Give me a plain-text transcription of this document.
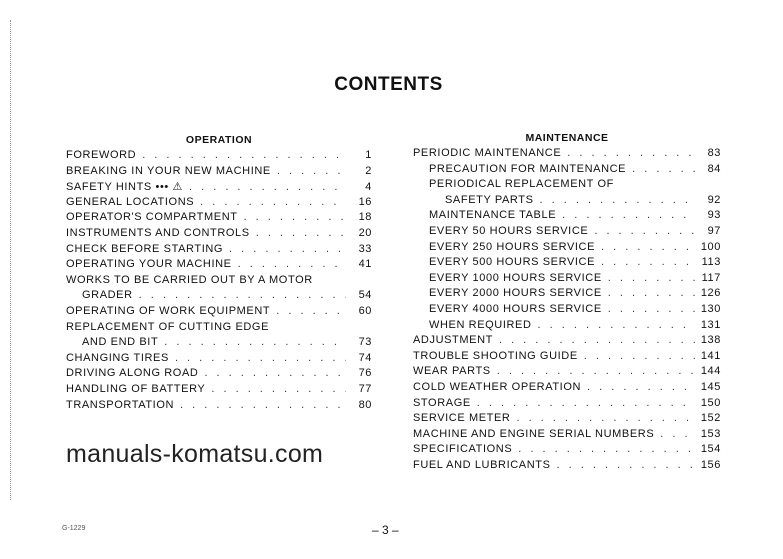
CONTENTS
OPERATION
FOREWORD . . .	1
BREAKING IN YOUR NEW MACHINE . . .	2
SAFETY HINTS ••• ⚠ . . .	4
GENERAL LOCATIONS . . .	16
OPERATOR'S COMPARTMENT . . .	18
INSTRUMENTS AND CONTROLS . . .	20
CHECK BEFORE STARTING . . .	33
OPERATING YOUR MACHINE . . .	41
WORKS TO BE CARRIED OUT BY A MOTOR
GRADER . . .	54
OPERATING OF WORK EQUIPMENT . . .	60
REPLACEMENT OF CUTTING EDGE
AND END BIT . . .	73
CHANGING TIRES . . .	74
DRIVING ALONG ROAD . . .	76
HANDLING OF BATTERY . . .	77
TRANSPORTATION . . .	80
MAINTENANCE
PERIODIC MAINTENANCE . . .	83
PRECAUTION FOR MAINTENANCE . . .	84
PERIODICAL REPLACEMENT OF
SAFETY PARTS . . .	92
MAINTENANCE TABLE . . .	93
EVERY 50 HOURS SERVICE . . .	97
EVERY 250 HOURS SERVICE . . .	100
EVERY 500 HOURS SERVICE . . .	113
EVERY 1000 HOURS SERVICE . . .	117
EVERY 2000 HOURS SERVICE . . .	126
EVERY 4000 HOURS SERVICE . . .	130
WHEN REQUIRED . . .	131
ADJUSTMENT . . .	138
TROUBLE SHOOTING GUIDE . . .	141
WEAR PARTS . . .	144
COLD WEATHER OPERATION . . .	145
STORAGE . . .	150
SERVICE METER . . .	152
MACHINE AND ENGINE SERIAL NUMBERS . . .	153
SPECIFICATIONS . . .	154
FUEL AND LUBRICANTS . . .	156
manuals-komatsu.com
– 3 –
G-1229
